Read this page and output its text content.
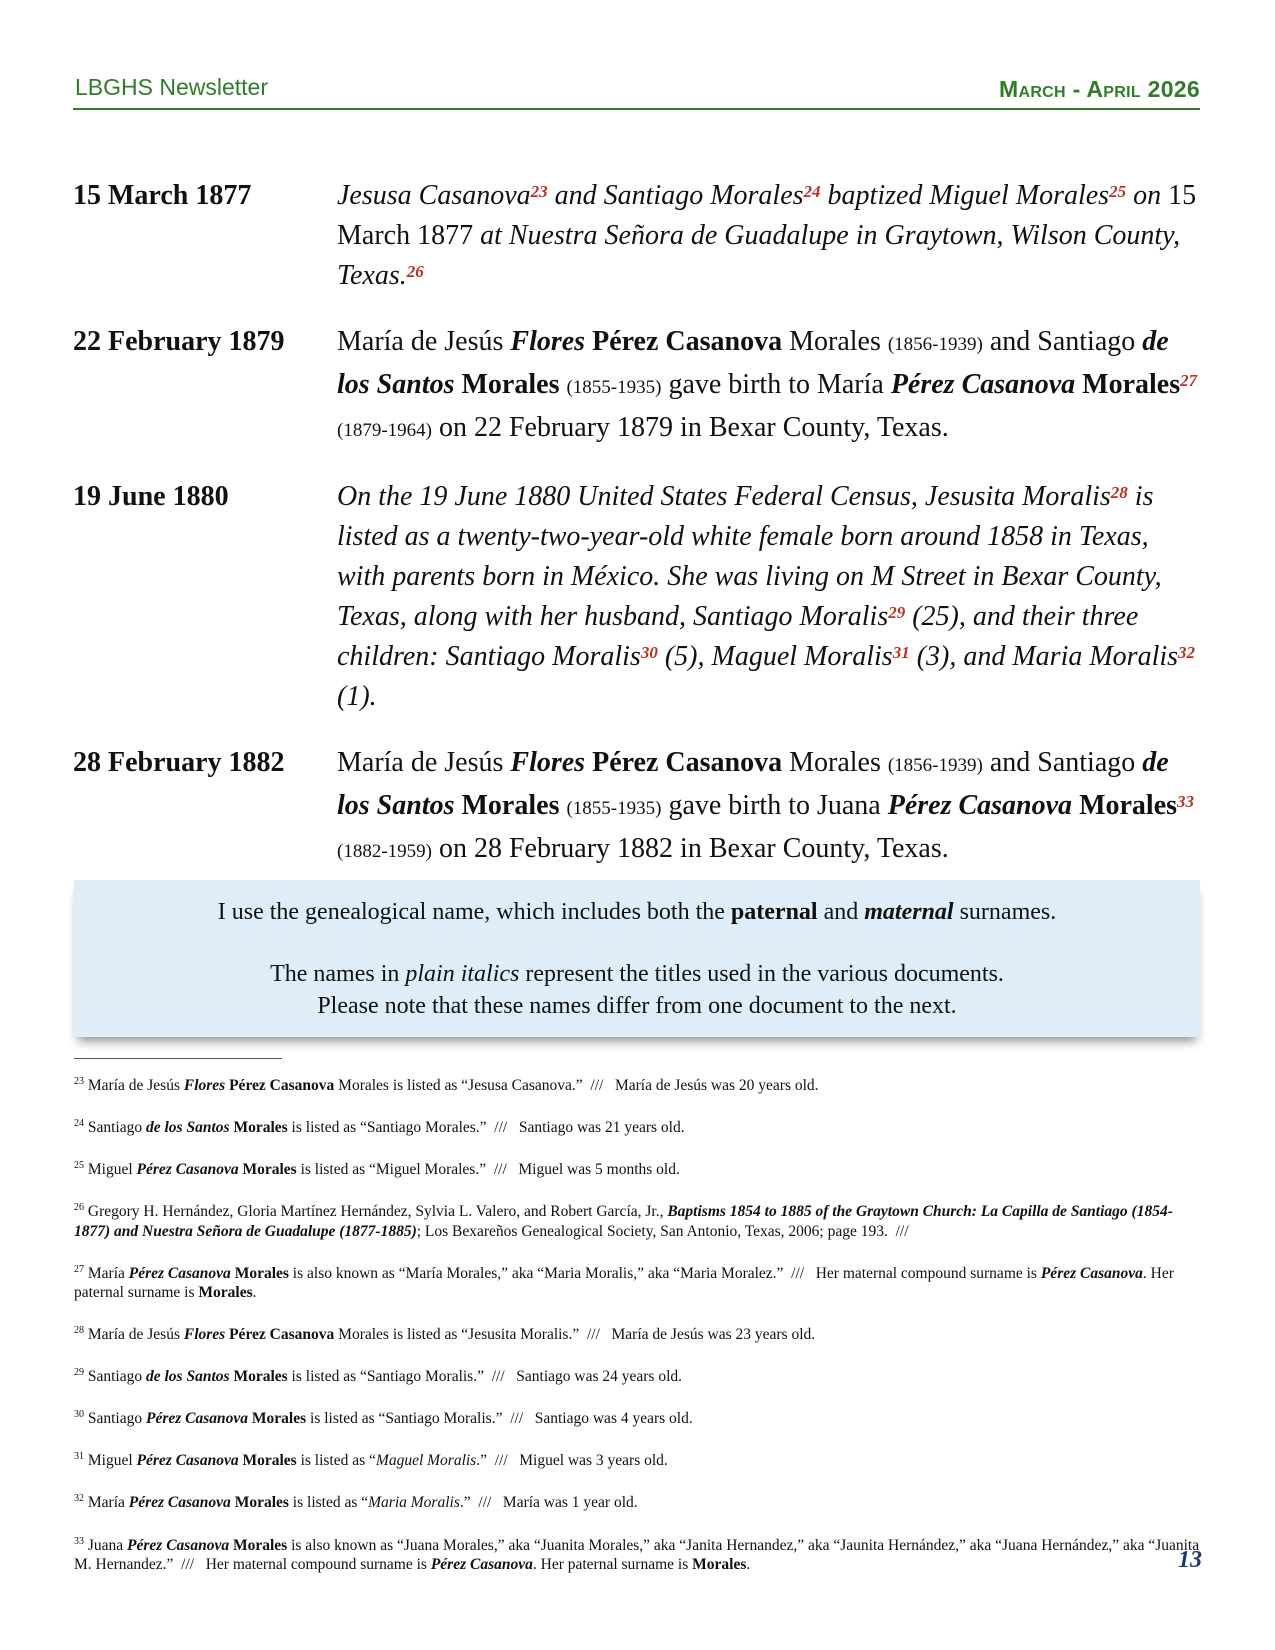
LBGHS Newsletter	March - April 2026
15 March 1877	Jesusa Casanova$^{23}$ and Santiago Morales$^{24}$ baptized Miguel Morales$^{25}$ on 15 March 1877 at Nuestra Señora de Guadalupe in Graytown, Wilson County, Texas.$^{26}$
22 February 1879 María de Jesús Flores Pérez Casanova Morales (1856-1939) and Santiago de los Santos Morales (1855-1935) gave birth to María Pérez Casanova Morales$^{27}$ (1879-1964) on 22 February 1879 in Bexar County, Texas.
19 June 1880	On the 19 June 1880 United States Federal Census, Jesusita Moralis$^{28}$ is listed as a twenty-two-year-old white female born around 1858 in Texas, with parents born in México. She was living on M Street in Bexar County, Texas, along with her husband, Santiago Moralis$^{29}$ (25), and their three children: Santiago Moralis$^{30}$ (5), Maguel Moralis$^{31}$ (3), and Maria Moralis$^{32}$ (1).
28 February 1882 María de Jesús Flores Pérez Casanova Morales (1856-1939) and Santiago de los Santos Morales (1855-1935) gave birth to Juana Pérez Casanova Morales$^{33}$ (1882-1959) on 28 February 1882 in Bexar County, Texas.

I use the genealogical name, which includes both the paternal and maternal surnames.

The names in plain italics represent the titles used in the various documents.

Please note that these names differ from one document to the next.

$^{23}$ María de Jesús Flores Pérez Casanova Morales is listed as “Jesusa Casanova.”  ///   María de Jesús was 20 years old.

$^{24}$ Santiago de los Santos Morales is listed as “Santiago Morales.”  ///   Santiago was 21 years old.

$^{25}$ Miguel Pérez Casanova Morales is listed as “Miguel Morales.”  ///   Miguel was 5 months old.

$^{26}$ Gregory H. Hernández, Gloria Martínez Hernández, Sylvia L. Valero, and Robert García, Jr., Baptisms 1854 to 1885 of the Graytown Church: La Capilla de Santiago (1854-1877) and Nuestra Señora de Guadalupe (1877-1885); Los Bexareños Genealogical Society, San Antonio, Texas, 2006; page 193.  ///

$^{27}$ María Pérez Casanova Morales is also known as “María Morales,” aka “Maria Moralis,” aka “Maria Moralez.”  ///   Her maternal compound surname is Pérez Casanova. Her paternal surname is Morales.

$^{28}$ María de Jesús Flores Pérez Casanova Morales is listed as “Jesusita Moralis.”  ///   María de Jesús was 23 years old.

$^{29}$ Santiago de los Santos Morales is listed as “Santiago Moralis.”  ///   Santiago was 24 years old.

$^{30}$ Santiago Pérez Casanova Morales is listed as “Santiago Moralis.”  ///   Santiago was 4 years old.

$^{31}$ Miguel Pérez Casanova Morales is listed as “Maguel Moralis.”  ///   Miguel was 3 years old.

$^{32}$ María Pérez Casanova Morales is listed as “Maria Moralis.”  ///   María was 1 year old.

$^{33}$ Juana Pérez Casanova Morales is also known as “Juana Morales,” aka “Juanita Morales,” aka “Janita Hernandez,” aka “Jaunita Hernández,” aka “Juana Hernández,” aka “Juanita M. Hernandez.”  ///   Her maternal compound surname is Pérez Casanova. Her paternal surname is Morales.	13
